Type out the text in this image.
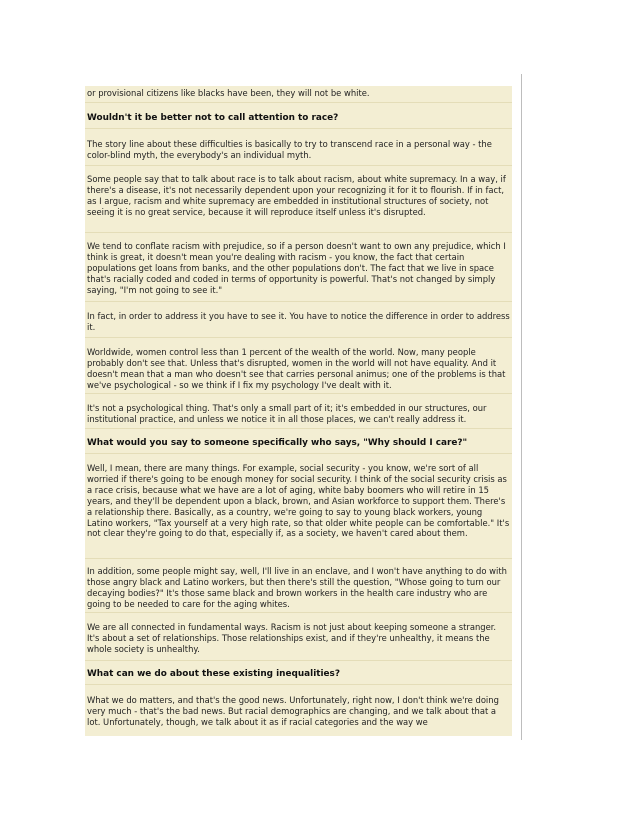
or provisional citizens like blacks have been, they will not be white.

Wouldn't it be better not to call attention to race?

The story line about these difficulties is basically to try to transcend race in a personal way - the color-blind myth, the everybody's an individual myth.

Some people say that to talk about race is to talk about racism, about white supremacy. In a way, if there's a disease, it's not necessarily dependent upon your recognizing it for it to flourish. If in fact, as I argue, racism and white supremacy are embedded in institutional structures of society, not seeing it is no great service, because it will reproduce itself unless it's disrupted.

We tend to conflate racism with prejudice, so if a person doesn't want to own any prejudice, which I think is great, it doesn't mean you're dealing with racism - you know, the fact that certain populations get loans from banks, and the other populations don't. The fact that we live in space that's racially coded and coded in terms of opportunity is powerful. That's not changed by simply saying, "I'm not going to see it."

In fact, in order to address it you have to see it. You have to notice the difference in order to address it.

Worldwide, women control less than 1 percent of the wealth of the world. Now, many people probably don't see that. Unless that's disrupted, women in the world will not have equality. And it doesn't mean that a man who doesn't see that carries personal animus; one of the problems is that we've psychological - so we think if I fix my psychology I've dealt with it.

It's not a psychological thing. That's only a small part of it; it's embedded in our structures, our institutional practice, and unless we notice it in all those places, we can't really address it.

What would you say to someone specifically who says, "Why should I care?"

Well, I mean, there are many things. For example, social security - you know, we're sort of all worried if there's going to be enough money for social security. I think of the social security crisis as a race crisis, because what we have are a lot of aging, white baby boomers who will retire in 15 years, and they'll be dependent upon a black, brown, and Asian workforce to support them. There's a relationship there. Basically, as a country, we're going to say to young black workers, young Latino workers, "Tax yourself at a very high rate, so that older white people can be comfortable." It's not clear they're going to do that, especially if, as a society, we haven't cared about them.

In addition, some people might say, well, I'll live in an enclave, and I won't have anything to do with those angry black and Latino workers, but then there's still the question, "Whose going to turn our decaying bodies?" It's those same black and brown workers in the health care industry who are going to be needed to care for the aging whites.

We are all connected in fundamental ways. Racism is not just about keeping someone a stranger. It's about a set of relationships. Those relationships exist, and if they're unhealthy, it means the whole society is unhealthy.

What can we do about these existing inequalities?

What we do matters, and that's the good news. Unfortunately, right now, I don't think we're doing very much - that's the bad news. But racial demographics are changing, and we talk about that a lot. Unfortunately, though, we talk about it as if racial categories and the way we
